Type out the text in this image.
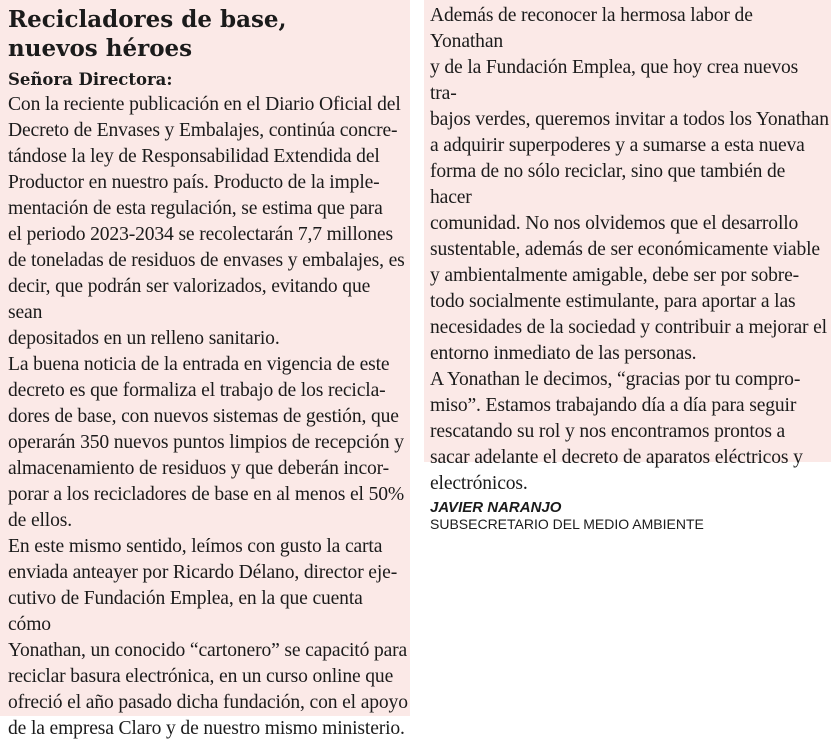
Recicladores de base,
nuevos héroes
Señora Directora:

Con la reciente publicación en el Diario Oficial del
Decreto de Envases y Embalajes, continúa concre-
tándose la ley de Responsabilidad Extendida del
Productor en nuestro país. Producto de la imple-
mentación de esta regulación, se estima que para
el periodo 2023-2034 se recolectarán 7,7 millones
de toneladas de residuos de envases y embalajes, es
decir, que podrán ser valorizados, evitando que sean
depositados en un relleno sanitario.

La buena noticia de la entrada en vigencia de este
decreto es que formaliza el trabajo de los recicla-
dores de base, con nuevos sistemas de gestión, que
operarán 350 nuevos puntos limpios de recepción y
almacenamiento de residuos y que deberán incor-
porar a los recicladores de base en al menos el 50%
de ellos.

En este mismo sentido, leímos con gusto la carta
enviada anteayer por Ricardo Délano, director eje-
cutivo de Fundación Emplea, en la que cuenta cómo
Yonathan, un conocido “cartonero” se capacitó para
reciclar basura electrónica, en un curso online que
ofreció el año pasado dicha fundación, con el apoyo
de la empresa Claro y de nuestro mismo ministerio.

Además de reconocer la hermosa labor de Yonathan
y de la Fundación Emplea, que hoy crea nuevos tra-
bajos verdes, queremos invitar a todos los Yonathan
a adquirir superpoderes y a sumarse a esta nueva
forma de no sólo reciclar, sino que también de hacer
comunidad. No nos olvidemos que el desarrollo
sustentable, además de ser económicamente viable
y ambientalmente amigable, debe ser por sobre-
todo socialmente estimulante, para aportar a las
necesidades de la sociedad y contribuir a mejorar el
entorno inmediato de las personas.

A Yonathan le decimos, “gracias por tu compro-
miso”. Estamos trabajando día a día para seguir
rescatando su rol y nos encontramos prontos a
sacar adelante el decreto de aparatos eléctricos y
electrónicos.

JAVIER NARANJO
SUBSECRETARIO DEL MEDIO AMBIENTE
